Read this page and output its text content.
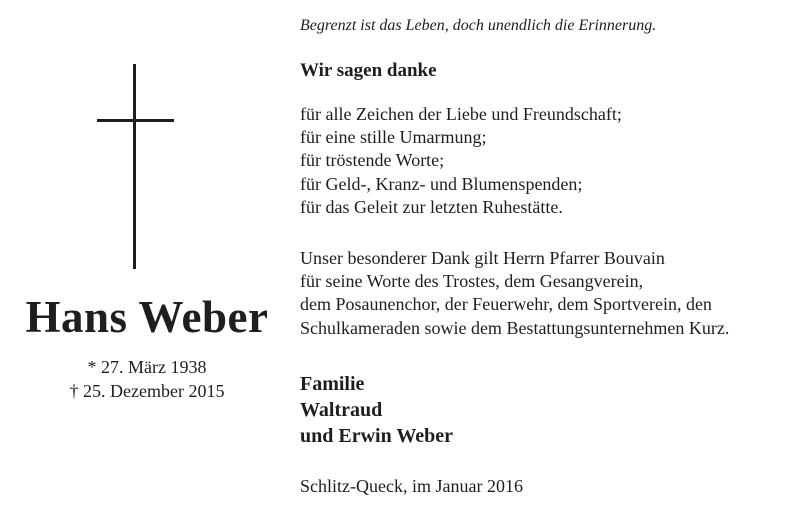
Hans Weber
* 27. März 1938
† 25. Dezember 2015
Begrenzt ist das Leben, doch unendlich die Erinnerung.
Wir sagen danke
für alle Zeichen der Liebe und Freundschaft;
für eine stille Umarmung;
für tröstende Worte;
für Geld-, Kranz- und Blumenspenden;
für das Geleit zur letzten Ruhestätte.
Unser besonderer Dank gilt Herrn Pfarrer Bouvain
für seine Worte des Trostes, dem Gesangverein,
dem Posaunenchor, der Feuerwehr, dem Sportverein, den
Schulkameraden sowie dem Bestattungsunternehmen Kurz.
Familie
Waltraud
und Erwin Weber
Schlitz-Queck, im Januar 2016
